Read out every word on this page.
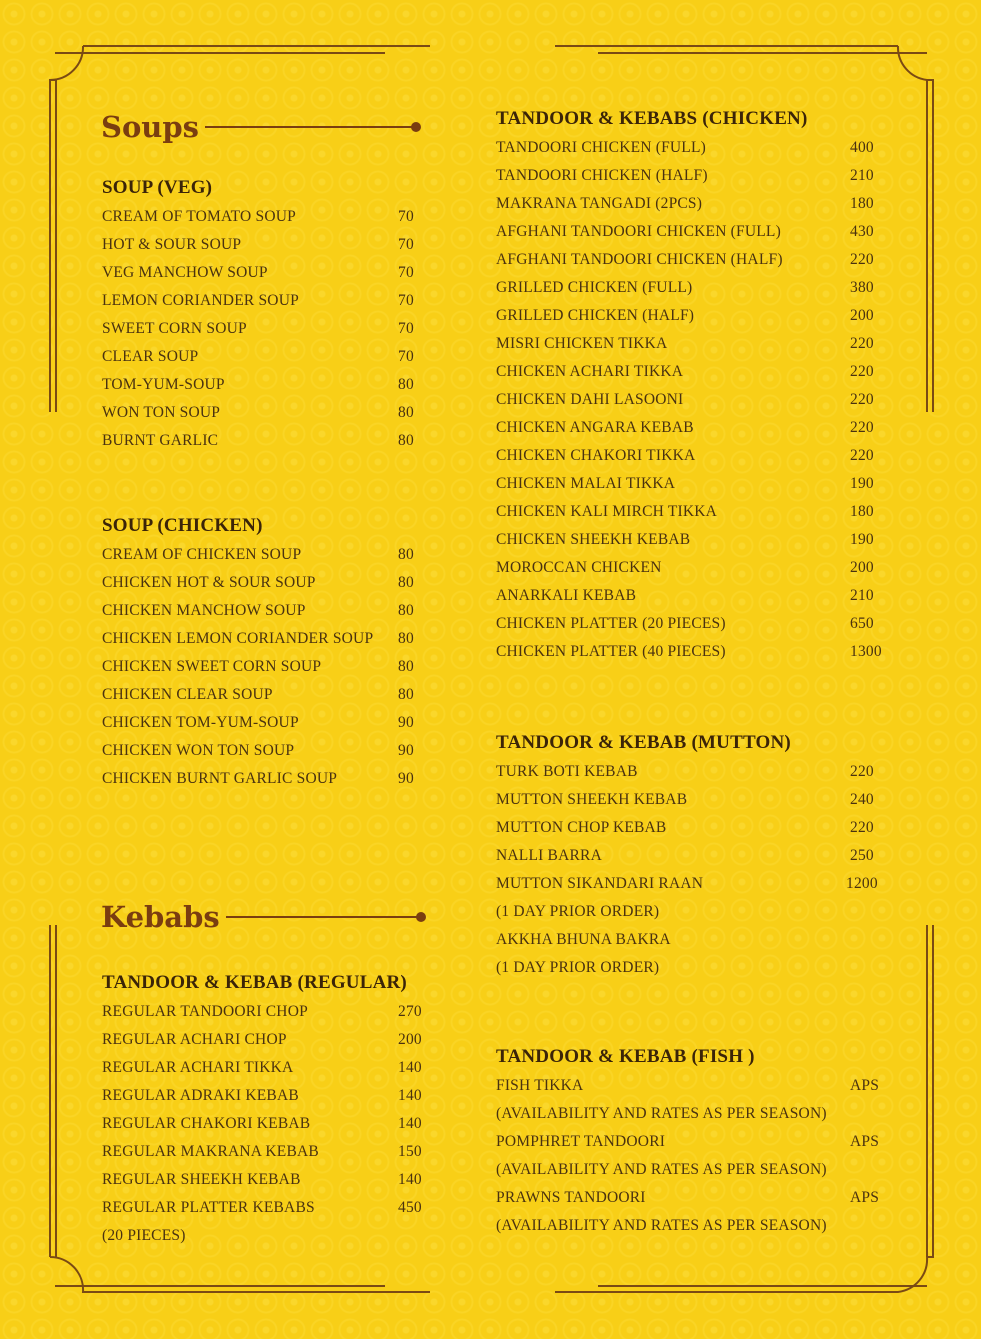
Soups
Kebabs
SOUP (VEG)
CREAM OF TOMATO SOUP	70
HOT & SOUR SOUP	70
VEG MANCHOW SOUP	70
LEMON CORIANDER SOUP	70
SWEET CORN SOUP	70
CLEAR SOUP	70
TOM-YUM-SOUP	80
WON TON SOUP	80
BURNT GARLIC	80
SOUP (CHICKEN)
CREAM OF CHICKEN SOUP	80
CHICKEN HOT & SOUR SOUP	80
CHICKEN MANCHOW SOUP	80
CHICKEN LEMON CORIANDER SOUP 80
CHICKEN SWEET CORN SOUP	80
CHICKEN CLEAR SOUP	80
CHICKEN TOM-YUM-SOUP	90
CHICKEN WON TON SOUP	90
CHICKEN BURNT GARLIC SOUP	90
TANDOOR & KEBAB (REGULAR)
REGULAR TANDOORI CHOP	270
REGULAR ACHARI CHOP	200
REGULAR ACHARI TIKKA	140
REGULAR ADRAKI KEBAB	140
REGULAR CHAKORI KEBAB	140
REGULAR MAKRANA KEBAB	150
REGULAR SHEEKH KEBAB	140
REGULAR PLATTER KEBABS	450
(20 PIECES)
TANDOOR & KEBABS (CHICKEN)
TANDOORI CHICKEN (FULL)	400
TANDOORI CHICKEN (HALF)	210
MAKRANA TANGADI (2PCS)	180
AFGHANI TANDOORI CHICKEN (FULL)	430
AFGHANI TANDOORI CHICKEN (HALF)	220
GRILLED CHICKEN (FULL)	380
GRILLED CHICKEN (HALF)	200
MISRI CHICKEN TIKKA	220
CHICKEN ACHARI TIKKA	220
CHICKEN DAHI LASOONI	220
CHICKEN ANGARA KEBAB	220
CHICKEN CHAKORI TIKKA	220
CHICKEN MALAI TIKKA	190
CHICKEN KALI MIRCH TIKKA	180
CHICKEN SHEEKH KEBAB	190
MOROCCAN CHICKEN	200
ANARKALI KEBAB	210
CHICKEN PLATTER (20 PIECES)	650
CHICKEN PLATTER (40 PIECES)	1300
TANDOOR & KEBAB (MUTTON)
TURK BOTI KEBAB	220
MUTTON SHEEKH KEBAB	240
MUTTON CHOP KEBAB	220
NALLI BARRA	250
MUTTON SIKANDARI RAAN	1200
(1 DAY PRIOR ORDER)
AKKHA BHUNA BAKRA
(1 DAY PRIOR ORDER)
TANDOOR & KEBAB (FISH )
FISH TIKKA	APS
(AVAILABILITY AND RATES AS PER SEASON)
POMPHRET TANDOORI	APS
(AVAILABILITY AND RATES AS PER SEASON)
PRAWNS TANDOORI	APS
(AVAILABILITY AND RATES AS PER SEASON)
